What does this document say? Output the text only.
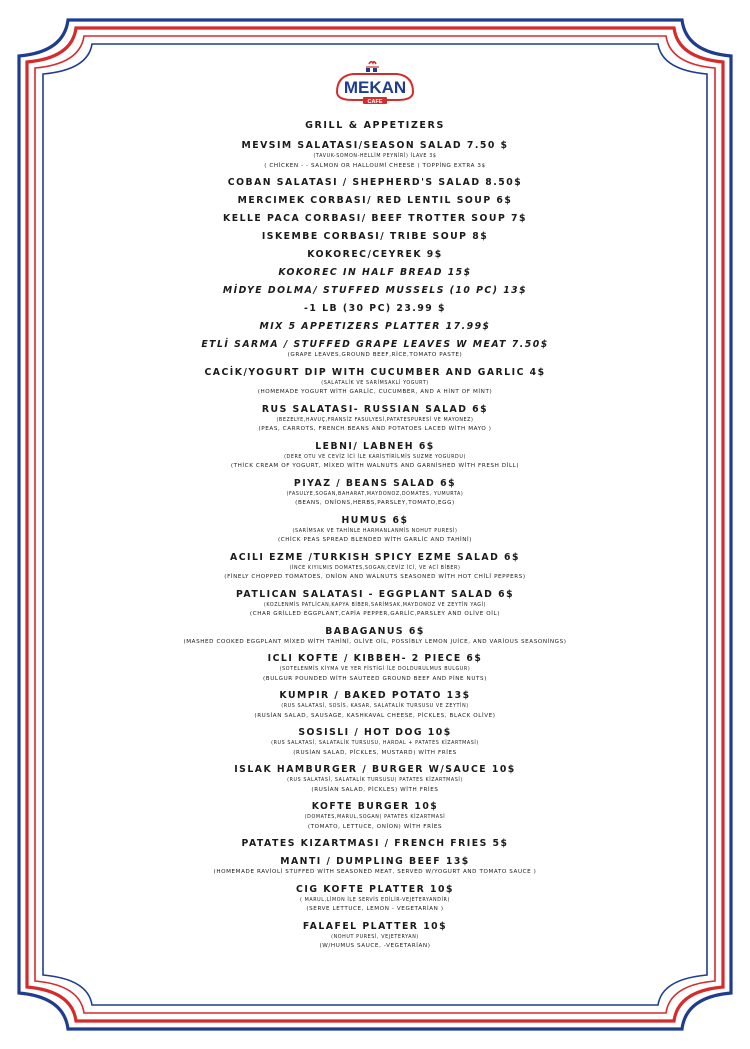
MEKAN
CAFE
GRILL & APPETIZERS
MEVSIM SALATASI/SEASON SALAD 7.50 $
(TAVUK-SOMON-HELLİM PEYNİRİ) İLAVE 3$
( CHİCKEN - - SALMON OR HALLOUMİ CHEESE ) TOPPİNG EXTRA 3$
COBAN SALATASI / SHEPHERD'S SALAD 8.50$
MERCIMEK CORBASI/ RED LENTIL SOUP 6$
KELLE PACA CORBASI/ BEEF TROTTER SOUP 7$
ISKEMBE CORBASI/ TRIBE SOUP 8$
KOKOREC/CEYREK 9$
KOKOREC IN HALF BREAD 15$
MİDYE DOLMA/ STUFFED MUSSELS (10 PC) 13$
-1 LB (30 PC) 23.99 $
MIX 5 APPETIZERS PLATTER 17.99$
ETLİ SARMA / STUFFED GRAPE LEAVES W MEAT 7.50$
(GRAPE LEAVES,GROUND BEEF,RİCE,TOMATO PASTE)
CACİK/YOGURT DIP WITH CUCUMBER AND GARLIC 4$
(SALATALİK VE SARİMSAKLİ YOGURT)
(HOMEMADE YOGURT WİTH GARLİC, CUCUMBER, AND A HİNT OF MİNT)
RUS SALATASI- RUSSIAN SALAD 6$
(BEZELYE,HAVUÇ,FRANSİZ FASULYESİ,PATATESPURESİ VE MAYONEZ)
(PEAS, CARROTS, FRENCH BEANS AND POTATOES LACED WİTH MAYO )
LEBNI/ LABNEH 6$
(DERE OTU VE CEVİZ İCİ İLE KARİSTİRİLMİS SUZME YOGURDU)
(THİCK CREAM OF YOGURT, MİXED WİTH WALNUTS AND GARNİSHED WİTH FRESH DİLL)
PIYAZ / BEANS SALAD 6$
(FASULYE,SOGAN,BAHARAT,MAYDONOZ,DOMATES, YUMURTA)
(BEANS, ONİONS,HERBS,PARSLEY,TOMATO,EGG)
HUMUS 6$
(SARİMSAK VE TAHİNLE HARMANLANMİS NOHUT PURESİ)
(CHİCK PEAS SPREAD BLENDED WİTH GARLİC AND TAHİNİ)
ACILI EZME /TURKISH SPICY EZME SALAD 6$
(İNCE KIYILMIS DOMATES,SOGAN,CEVİZ İCİ, VE ACİ BİBER)
(FİNELY CHOPPED TOMATOES, ONİON AND WALNUTS SEASONED WİTH HOT CHİLİ PEPPERS)
PATLICAN SALATASI - EGGPLANT SALAD 6$
(KOZLENMİS PATLİCAN,KAPYA BİBER,SARİMSAK,MAYDONOZ VE ZEYTİN YAGİ)
(CHAR GRİLLED EGGPLANT,CAPİA PEPPER,GARLİC,PARSLEY AND OLİVE OİL)
BABAGANUS 6$
(MASHED COOKED EGGPLANT MİXED WİTH TAHİNİ, OLİVE OİL, POSSİBLY LEMON JUİCE, AND VARİOUS SEASONİNGS)
ICLI KOFTE / KIBBEH- 2 PIECE 6$
(SOTELENMİS KİYMA VE YER FİSTİGİ İLE DOLDURULMUS BULGUR)
(BULGUR POUNDED WİTH SAUTEED GROUND BEEF AND PİNE NUTS)
KUMPIR / BAKED POTATO 13$
(RUS SALATASİ, SOSİS, KASAR, SALATALİK TURSUSU VE ZEYTİN)
(RUSİAN SALAD, SAUSAGE, KASHKAVAL CHEESE, PİCKLES, BLACK OLİVE)
SOSISLI / HOT DOG 10$
(RUS SALATASİ, SALATALİK TURSUSU, HARDAL + PATATES KİZARTMASİ)
(RUSİAN SALAD, PİCKLES, MUSTARD) WİTH FRİES
ISLAK HAMBURGER / BURGER W/SAUCE 10$
(RUS SALATASİ, SALATALİK TURSUSU) PATATES KİZARTMASİ)
(RUSİAN SALAD, PİCKLES) WİTH FRİES
KOFTE BURGER 10$
(DOMATES,MARUL,SOGAN) PATATES KİZARTMASİ
(TOMATO, LETTUCE, ONİON) WİTH FRİES
PATATES KIZARTMASI / FRENCH FRIES 5$
MANTI / DUMPLING BEEF 13$
(HOMEMADE RAVİOLİ STUFFED WİTH SEASONED MEAT, SERVED W/YOGURT AND TOMATO SAUCE )
CIG KOFTE PLATTER 10$
( MARUL,LİMON İLE SERVİS EDİLİR-VEJETERYANDİR)
(SERVE LETTUCE, LEMON - VEGETARİAN )
FALAFEL PLATTER 10$
(NOHUT PURESİ, VEJETERYAN)
(W/HUMUS SAUCE, -VEGETARİAN)
